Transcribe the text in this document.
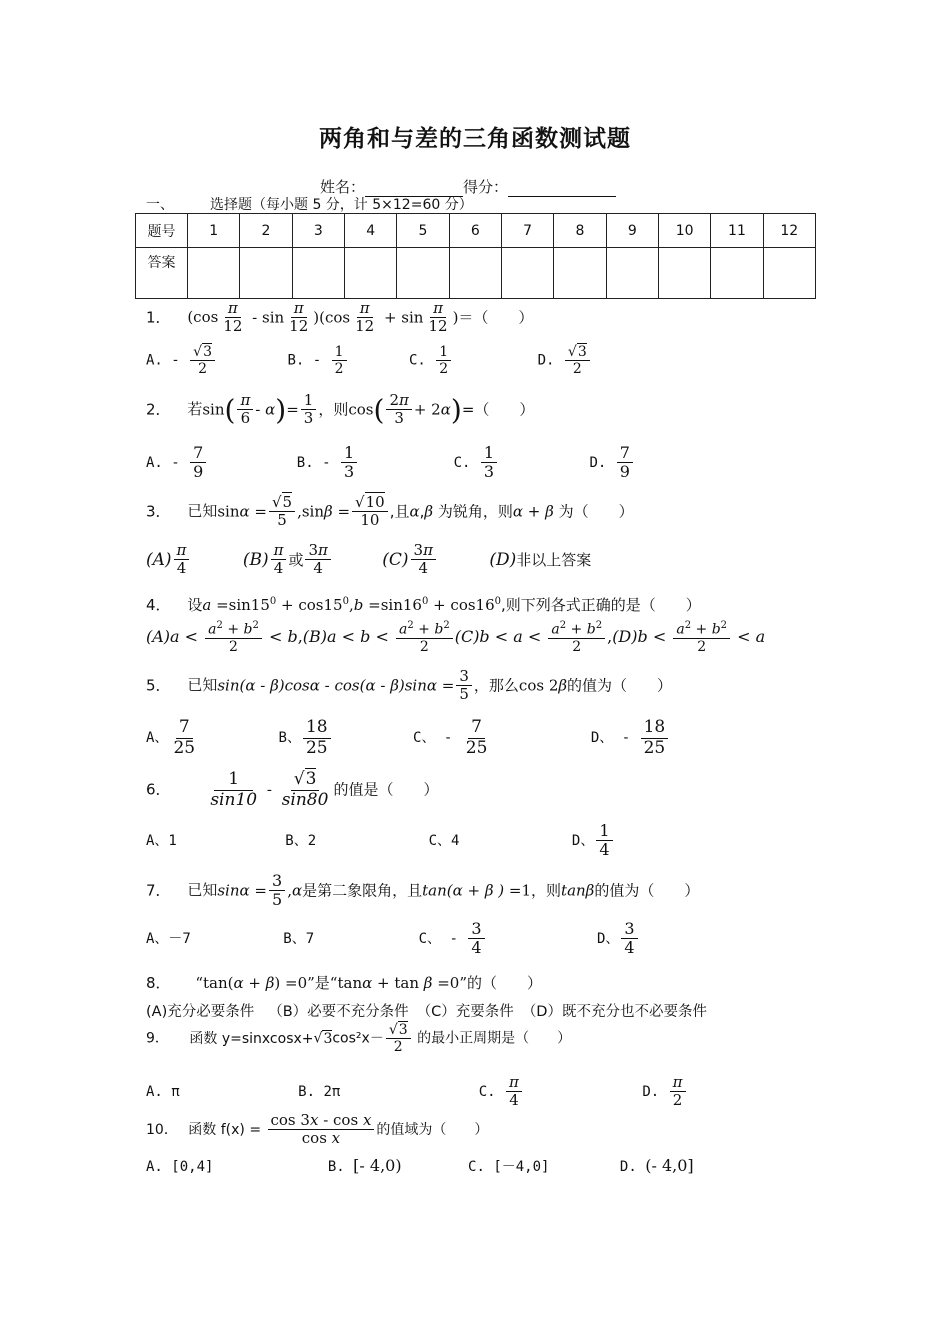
两角和与差的三角函数测试题
姓名：	得分：
一、	选择题（每小题 5 分，计 5×12=60 分）
题号	1	2	3	4	5	6	7	8	9	10	11	12
答案												
1． $(\cos \frac{\pi}{12} - \sin \frac{\pi}{12} )(\cos \frac{\pi}{12} + \sin \frac{\pi}{12}$ )＝（　　）
A. - $\frac{√3}{2}$	B. - $\frac{1}{2}$	C. $\frac{1}{2}$	D. $\frac{√3}{2}$
2． 若$\sin( \frac{\pi}{6} - \alpha)= \frac{1}{3}$ ，则$\cos( \frac{2\pi}{3} + 2\alpha)=$（　　）
A. - $\frac{7}{9}$	B. - $\frac{1}{3}$	C. $\frac{1}{3}$	D. $\frac{7}{9}$
3． 已知$\sin\alpha = \frac{√5}{5} ,\sin\beta = \frac{√10}{10}$ ,且α,β 为锐角，则α + β 为（　　）
$(A) \frac{\pi}{4}$	$(B) \frac{\pi}{4}$ 或 $\frac{3\pi}{4}$	$(C) \frac{3\pi}{4}$	(D)非以上答案
4． 设$a =\sin 15^0 + \cos 15^0,b =\sin 16^0 + \cos 16^0$,则下列各式正确的是（　　）
$(A)a < \frac{a^2 + b^2}{2} < b,(B)a < b < \frac{a^2 + b^2}{2} (C)b < a < \frac{a^2 + b^2}{2} ,(D)b < \frac{a^2 + b^2}{2} < a$
5． 已知$\sin(\alpha - \beta)\cos\alpha - \cos(\alpha - \beta)\sin\alpha = \frac{3}{5}$ ，那么cos 2β的值为（　　）
A、 $\frac{7}{25}$	B、 $\frac{18}{25}$	C、 - $\frac{7}{25}$	D、 - $\frac{18}{25}$
6． $\frac{1}{\sin 10} - \frac{√3}{\sin 80}$ 的值是（　　）
A、1	B、2	C、4	D、 $\frac{1}{4}$
7． 已知$\sin\alpha = \frac{3}{5} ,\alpha$是第二象限角，且tan(α + β ) =1，则tanβ的值为（　　）
A、－7	B、7	C、 - $\frac{3}{4}$	D、 $\frac{3}{4}$
8． “tan(α + β) =0”是“tanα + tan β =0”的（　　）
(A)充分必要条件 （B）必要不充分条件 （C）充要条件 （D）既不充分也不必要条件
9． 函数 y=sinxcosx+√3cos²x－ $\frac{√3}{2}$ 的最小正周期是（　　）
A. π	B. 2π	C. $\frac{\pi}{4}$	D. $\frac{\pi}{2}$
10． 函数 $f(x) = \frac{\text{cos 3x - cos x}}{\text{cos x}}$ 的值域为（　　）
A. [0,4]	B. [- 4,0)	C. [－4,0]	D. (- 4,0]
